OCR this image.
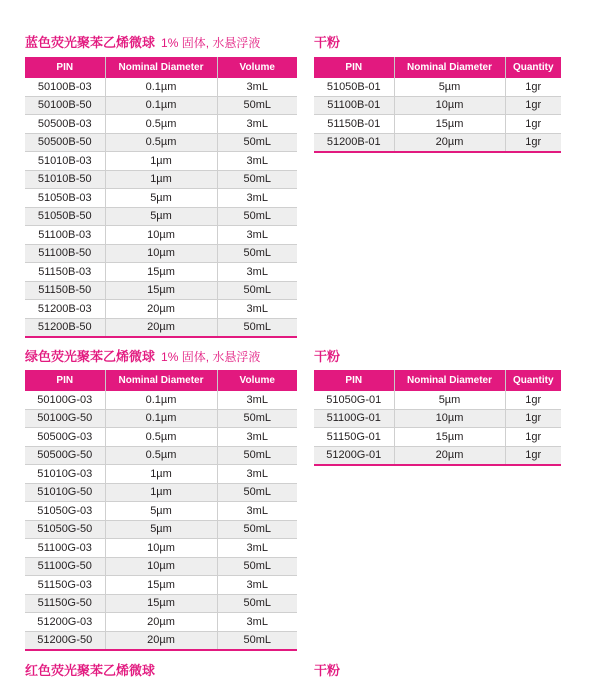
蓝色荧光聚苯乙烯微球 1% 固体, 水悬浮液
PIN	Nominal Diameter	Volume
50100B-03	0.1µm	3mL
50100B-50	0.1µm	50mL
50500B-03	0.5µm	3mL
50500B-50	0.5µm	50mL
51010B-03	1µm	3mL
51010B-50	1µm	50mL
51050B-03	5µm	3mL
51050B-50	5µm	50mL
51100B-03	10µm	3mL
51100B-50	10µm	50mL
51150B-03	15µm	3mL
51150B-50	15µm	50mL
51200B-03	20µm	3mL
51200B-50	20µm	50mL
干粉
PIN	Nominal Diameter	Quantity
51050B-01	5µm	1gr
51100B-01	10µm	1gr
51150B-01	15µm	1gr
51200B-01	20µm	1gr
绿色荧光聚苯乙烯微球 1% 固体, 水悬浮液
PIN	Nominal Diameter	Volume
50100G-03	0.1µm	3mL
50100G-50	0.1µm	50mL
50500G-03	0.5µm	3mL
50500G-50	0.5µm	50mL
51010G-03	1µm	3mL
51010G-50	1µm	50mL
51050G-03	5µm	3mL
51050G-50	5µm	50mL
51100G-03	10µm	3mL
51100G-50	10µm	50mL
51150G-03	15µm	3mL
51150G-50	15µm	50mL
51200G-03	20µm	3mL
51200G-50	20µm	50mL
干粉
PIN	Nominal Diameter	Quantity
51050G-01	5µm	1gr
51100G-01	10µm	1gr
51150G-01	15µm	1gr
51200G-01	20µm	1gr
红色荧光聚苯乙烯微球	干粉
